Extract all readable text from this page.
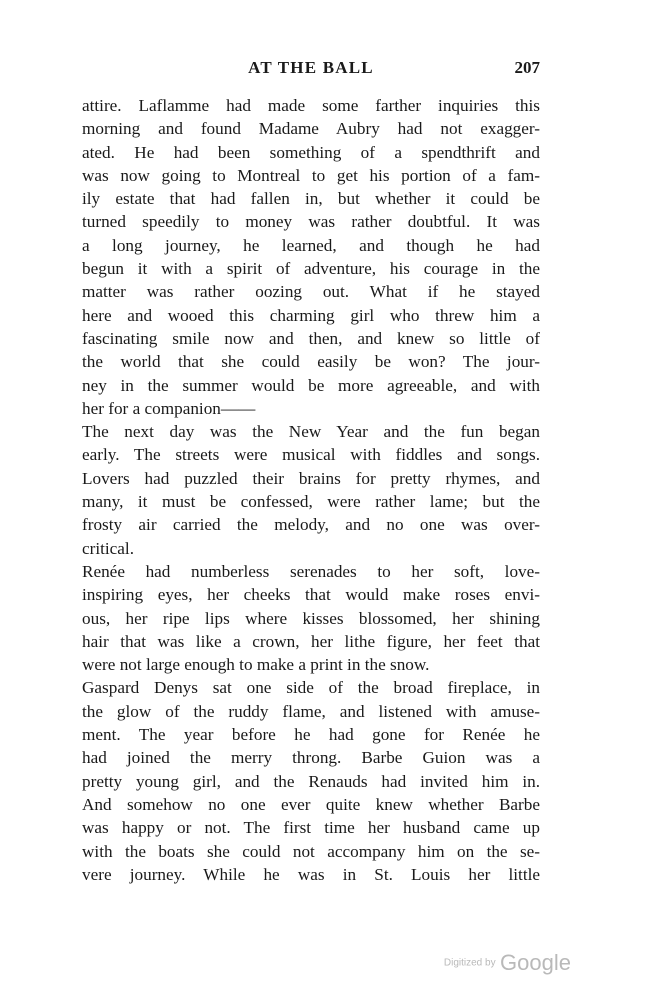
AT THE BALL	207
attire. Laflamme had made some farther inquiries this
morning and found Madame Aubry had not exagger-
ated. He had been something of a spendthrift and
was now going to Montreal to get his portion of a fam-
ily estate that had fallen in, but whether it could be
turned speedily to money was rather doubtful. It was
a long journey, he learned, and though he had
begun it with a spirit of adventure, his courage in the
matter was rather oozing out. What if he stayed
here and wooed this charming girl who threw him a
fascinating smile now and then, and knew so little of
the world that she could easily be won? The jour-
ney in the summer would be more agreeable, and with
her for a companion——
The next day was the New Year and the fun began
early. The streets were musical with fiddles and songs.
Lovers had puzzled their brains for pretty rhymes, and
many, it must be confessed, were rather lame; but the
frosty air carried the melody, and no one was over-
critical.
Renée had numberless serenades to her soft, love-
inspiring eyes, her cheeks that would make roses envi-
ous, her ripe lips where kisses blossomed, her shining
hair that was like a crown, her lithe figure, her feet that
were not large enough to make a print in the snow.
Gaspard Denys sat one side of the broad fireplace, in
the glow of the ruddy flame, and listened with amuse-
ment. The year before he had gone for Renée he
had joined the merry throng. Barbe Guion was a
pretty young girl, and the Renauds had invited him in.
And somehow no one ever quite knew whether Barbe
was happy or not. The first time her husband came up
with the boats she could not accompany him on the se-
vere journey. While he was in St. Louis her little
Digitized by Google
